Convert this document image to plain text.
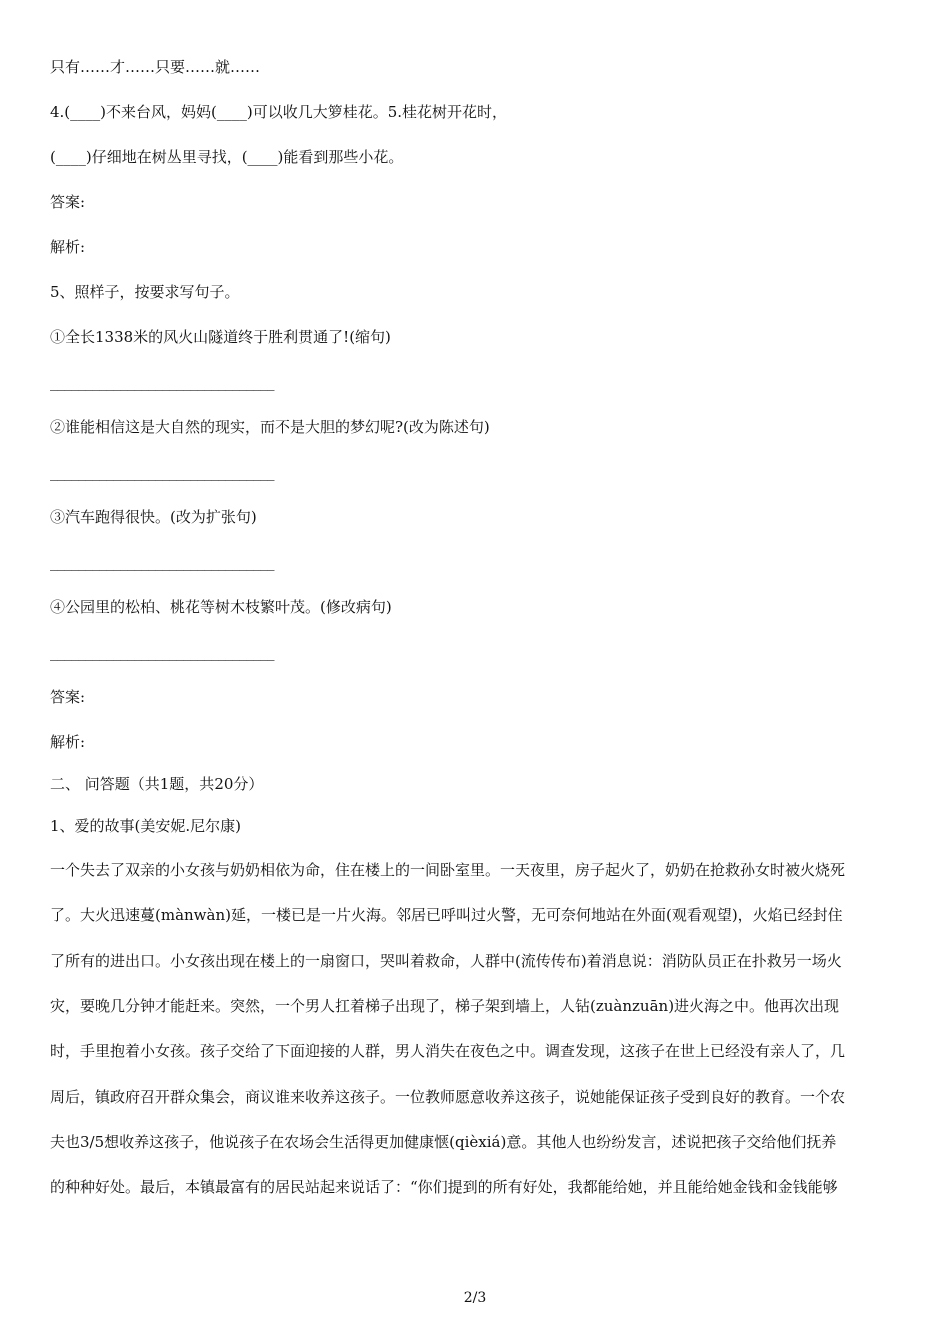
只有……才……只要……就……
4.(____)不来台风，妈妈(____)可以收几大箩桂花。5.桂花树开花时，
(____)仔细地在树丛里寻找，(____)能看到那些小花。
答案:
解析:
5、照样子，按要求写句子。
①全长1338米的风火山隧道终于胜利贯通了!(缩句)
________________________________
②谁能相信这是大自然的现实，而不是大胆的梦幻呢?(改为陈述句)
________________________________
③汽车跑得很快。(改为扩张句)
________________________________
④公园里的松柏、桃花等树木枝繁叶茂。(修改病句)
________________________________
答案:
解析:
二、 问答题（共1题，共20分）
1、爱的故事(美安妮.尼尔康)
一个失去了双亲的小女孩与奶奶相依为命，住在楼上的一间卧室里。一天夜里，房子起火了，奶奶在抢救孙女时被火烧死
了。大火迅速蔓(mànwàn)延，一楼已是一片火海。邻居已呼叫过火警，无可奈何地站在外面(观看观望)，火焰已经封住
了所有的进出口。小女孩出现在楼上的一扇窗口，哭叫着救命，人群中(流传传布)着消息说：消防队员正在扑救另一场火
灾，要晚几分钟才能赶来。突然，一个男人扛着梯子出现了，梯子架到墙上，人钻(zuànzuān)进火海之中。他再次出现
时，手里抱着小女孩。孩子交给了下面迎接的人群，男人消失在夜色之中。调查发现，这孩子在世上已经没有亲人了，几
周后，镇政府召开群众集会，商议谁来收养这孩子。一位教师愿意收养这孩子，说她能保证孩子受到良好的教育。一个农
夫也3/5想收养这孩子，他说孩子在农场会生活得更加健康惬(qièxiá)意。其他人也纷纷发言，述说把孩子交给他们抚养
的种种好处。最后，本镇最富有的居民站起来说话了：“你们提到的所有好处，我都能给她，并且能给她金钱和金钱能够
2/3
